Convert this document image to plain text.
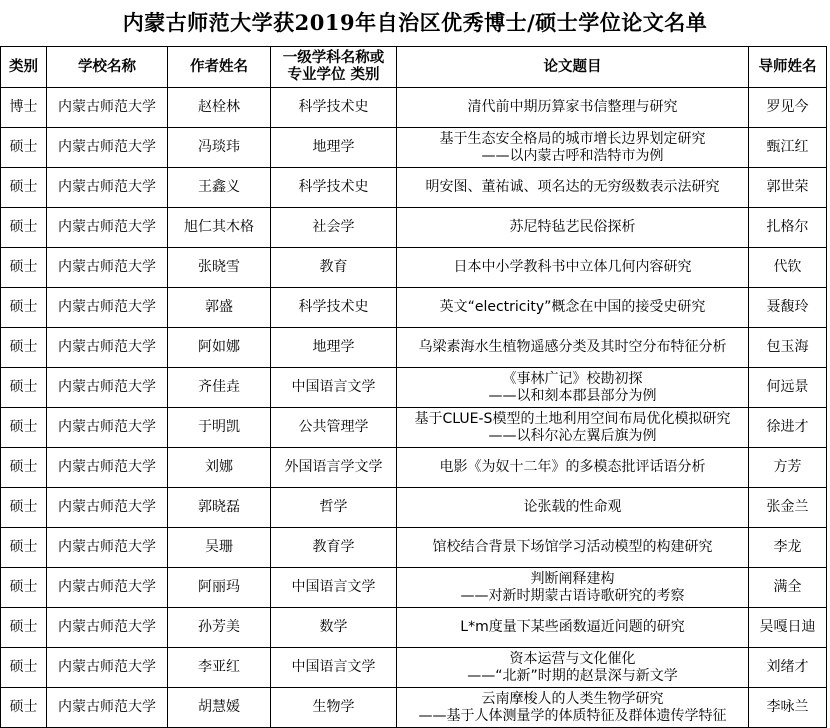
内蒙古师范大学获2019年自治区优秀博士/硕士学位论文名单
类别	学校名称	作者姓名	一级学科名称或
专业学位 类别	论文题目	导师姓名
博士	内蒙古师范大学	赵栓林	科学技术史	清代前中期历算家书信整理与研究	罗见今
硕士	内蒙古师范大学	冯琰玮	地理学	基于生态安全格局的城市增长边界划定研究
——以内蒙古呼和浩特市为例	甄江红
硕士	内蒙古师范大学	王鑫义	科学技术史	明安图、董祐诚、项名达的无穷级数表示法研究	郭世荣
硕士	内蒙古师范大学	旭仁其木格	社会学	苏尼特毡艺民俗探析	扎格尔
硕士	内蒙古师范大学	张晓雪	教育	日本中小学教科书中立体几何内容研究	代钦
硕士	内蒙古师范大学	郭盛	科学技术史	英文“electricity”概念在中国的接受史研究	聂馥玲
硕士	内蒙古师范大学	阿如娜	地理学	乌梁素海水生植物遥感分类及其时空分布特征分析	包玉海
硕士	内蒙古师范大学	齐佳垚	中国语言文学	《事林广记》校勘初探
——以和刻本郡县部分为例	何远景
硕士	内蒙古师范大学	于明凯	公共管理学	基于CLUE-S模型的土地利用空间布局优化模拟研究
——以科尔沁左翼后旗为例	徐进才
硕士	内蒙古师范大学	刘娜	外国语言学文学	电影《为奴十二年》的多模态批评话语分析	方芳
硕士	内蒙古师范大学	郭晓磊	哲学	论张载的性命观	张金兰
硕士	内蒙古师范大学	吴珊	教育学	馆校结合背景下场馆学习活动模型的构建研究	李龙
硕士	内蒙古师范大学	阿丽玛	中国语言文学	判断阐释建构
——对新时期蒙古语诗歌研究的考察	满全
硕士	内蒙古师范大学	孙芳美	数学	L*m度量下某些函数逼近问题的研究	吴嘎日迪
硕士	内蒙古师范大学	李亚红	中国语言文学	资本运营与文化催化
——“北新”时期的赵景深与新文学	刘绪才
硕士	内蒙古师范大学	胡慧媛	生物学	云南摩梭人的人类生物学研究
——基于人体测量学的体质特征及群体遗传学特征	李咏兰
